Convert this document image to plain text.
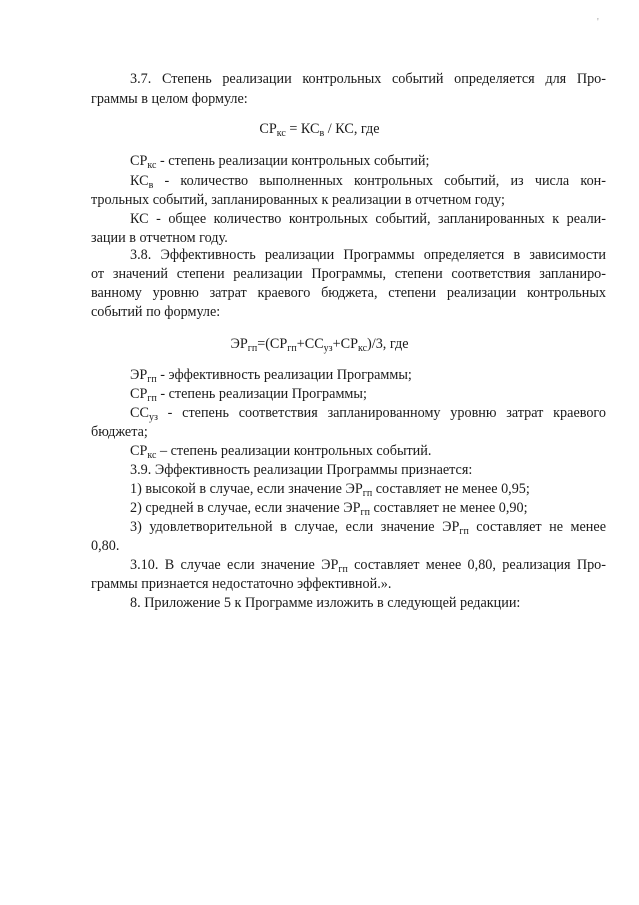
'
3.7. Степень реализации контрольных событий определяется для Про-
граммы в целом формуле:
$СР_{кс} = КС_в$ / КС, где
$СР_{кс}$ - степень реализации контрольных событий;
$КС_в$ - количество выполненных контрольных событий, из числа кон-
трольных событий, запланированных к реализации в отчетном году;
КС - общее количество контрольных событий, запланированных к реали-
зации в отчетном году.
3.8. Эффективность реализации Программы определяется в зависимости
от значений степени реализации Программы, степени соответствия запланиро-
ванному уровню затрат краевого бюджета, степени реализации контрольных
событий по формуле:
$ЭР_{гп}=(СР_{гп}+СС_{уз}+СР_{кс})/3$, где
$ЭР_{гп}$ - эффективность реализации Программы;
$СР_{гп}$ - степень реализации Программы;
$СС_{уз}$ - степень соответствия запланированному уровню затрат краевого
бюджета;
$СР_{кс}$ – степень реализации контрольных событий.
3.9. Эффективность реализации Программы признается:
1) высокой в случае, если значение $ЭР_{гп}$ составляет не менее 0,95;
2) средней в случае, если значение $ЭР_{гп}$ составляет не менее 0,90;
3) удовлетворительной в случае, если значение $ЭР_{гп}$ составляет не менее
0,80.
3.10. В случае если значение $ЭР_{гп}$ составляет менее 0,80, реализация Про-
граммы признается недостаточно эффективной.».
8. Приложение 5 к Программе изложить в следующей редакции:
